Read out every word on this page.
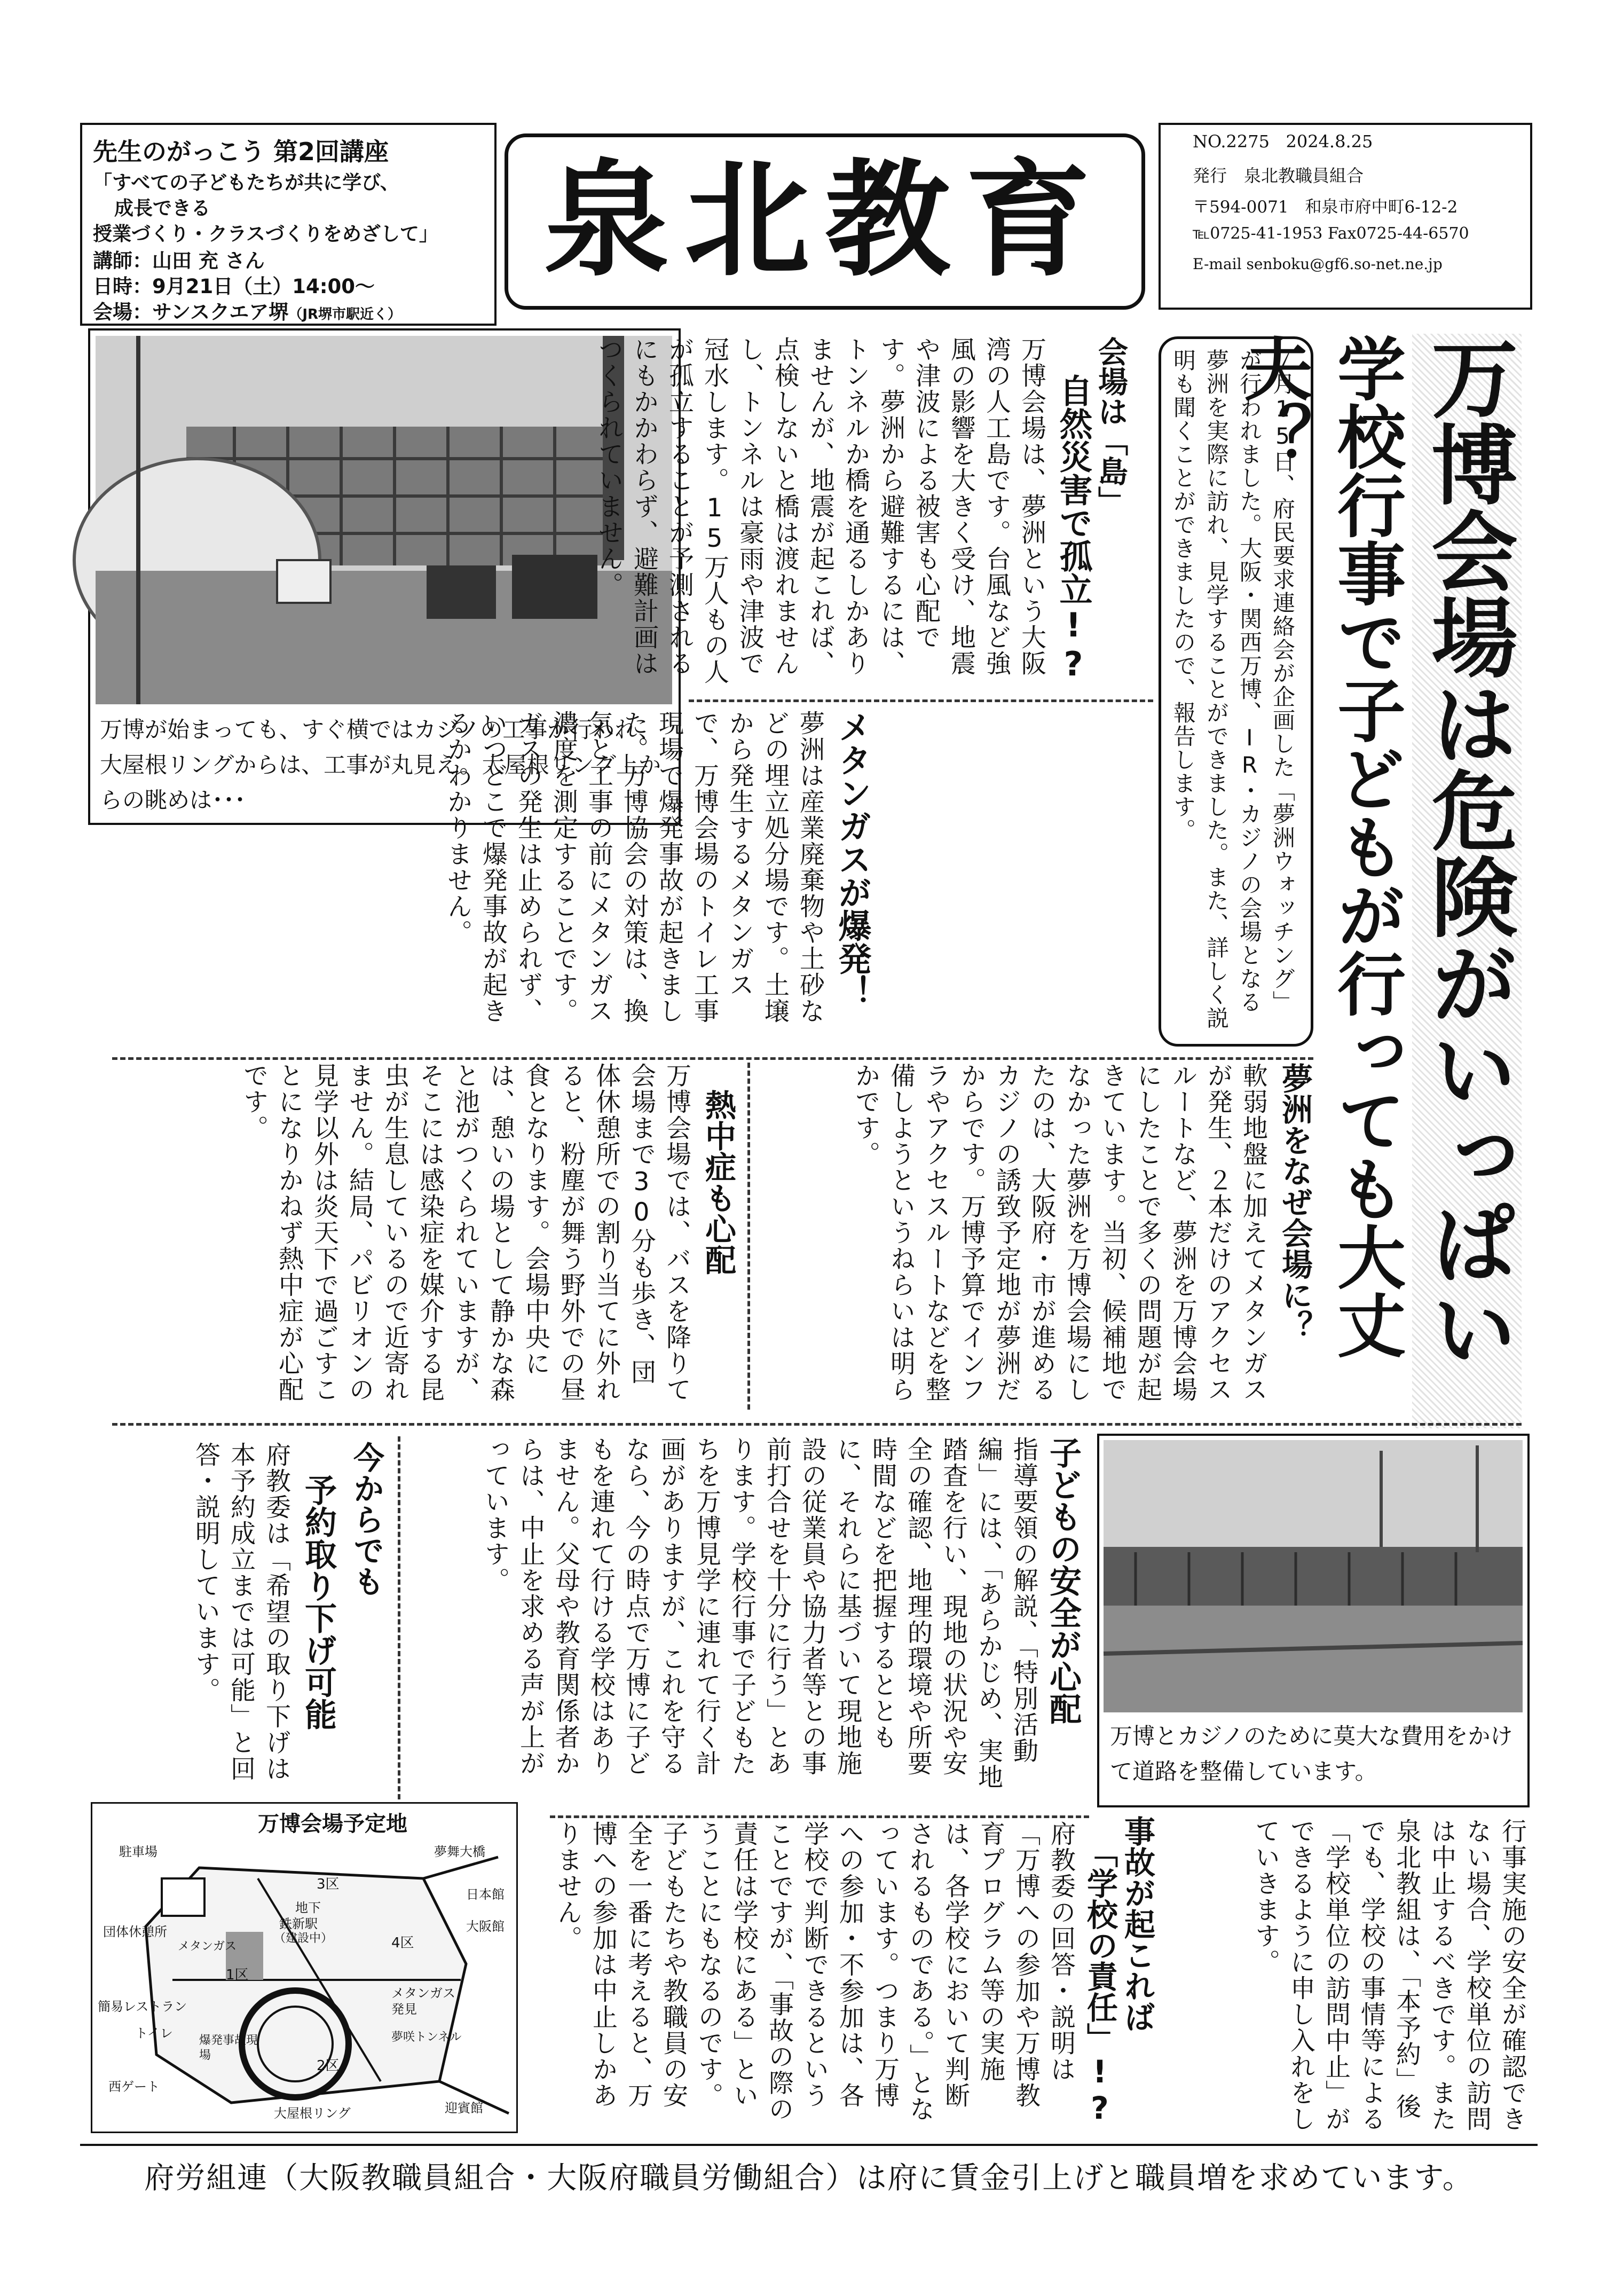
先生のがっこう 第2回講座
「すべての子どもたちが共に学び、
成長できる
授業づくり・クラスづくりをめざして」
講師：山田 充 さん
日時：9月21日（土）14:00～
会場：サンスクエア堺（JR堺市駅近く）
泉北教育
NO.2275 2024.8.25
発行　泉北教職員組合
〒594-0071　和泉市府中町6-12-2
℡0725-41-1953 Fax0725-44-6570
E-mail senboku@gf6.so-net.ne.jp
万博会場は危険がいっぱい
学校行事で子どもが行っても大丈夫？
７月15日、府民要求連絡会が企画した「夢洲ウォッチング」が行われました。大阪・関西万博、IR・カジノの会場となる夢洲を実際に訪れ、見学することができました。また、詳しく説明も聞くことができましたので、報告します。
万博が始まっても、すぐ横ではカジノの工事が行われ、大屋根リングからは、工事が丸見え。大屋根リング上からの眺めは･･･
会場は「島」
自然災害で孤立!?
万博会場は、夢洲という大阪湾の人工島です。台風など強風の影響を大きく受け、地震や津波による被害も心配です。夢洲から避難するには、トンネルか橋を通るしかありませんが、地震が起これば、点検しないと橋は渡れませんし、トンネルは豪雨や津波で冠水します。15万人もの人が孤立することが予測されるにもかかわらず、避難計画はつくられていません。
メタンガスが爆発！
夢洲は産業廃棄物や土砂などの埋立処分場です。土壌から発生するメタンガスで、万博会場のトイレ工事現場で爆発事故が起きました。万博協会の対策は、換気と工事の前にメタンガス濃度を測定することです。ガスの発生は止められず、いつどこで爆発事故が起きるかわかりません。
夢洲をなぜ会場に？
軟弱地盤に加えてメタンガスが発生、２本だけのアクセスルートなど、夢洲を万博会場にしたことで多くの問題が起きています。当初、候補地でなかった夢洲を万博会場にしたのは、大阪府・市が進めるカジノの誘致予定地が夢洲だからです。万博予算でインフラやアクセスルートなどを整備しようというねらいは明らかです。
熱中症も心配
万博会場では、バスを降りて会場まで30分も歩き、団体休憩所での割り当てに外れると、粉塵が舞う野外での昼食となります。会場中央には、憩いの場として静かな森と池がつくられていますが、そこには感染症を媒介する昆虫が生息しているので近寄れません。結局、パビリオンの見学以外は炎天下で過ごすことになりかねず熱中症が心配です。
万博とカジノのために莫大な費用をかけて道路を整備しています。
子どもの安全が心配
指導要領の解説、「特別活動編」には、「あらかじめ、実地踏査を行い、現地の状況や安全の確認、地理的環境や所要時間などを把握するとともに、それらに基づいて現地施設の従業員や協力者等との事前打合せを十分に行う」とあります。学校行事で子どもたちを万博見学に連れて行く計画がありますが、これを守るなら、今の時点で万博に子どもを連れて行ける学校はありません。父母や教育関係者からは、中止を求める声が上がっています。
今からでも
予約取り下げ可能
府教委は「希望の取り下げは本予約成立までは可能」と回答・説明しています。
万博会場予定地
駐車場	夢舞大橋
3区
地下
鉄新駅
（建設中）
日本館
大阪館
団体休憩所
メタンガス	4区
1区
メタンガス発見
簡易レストラン
トイレ	夢咲トンネル
爆発事故現場
2区
西ゲート
大屋根リング	迎賓館
事故が起これば
「学校の責任」!?
府教委の回答・説明は「万博への参加や万博教育プログラム等の実施は、各学校において判断されるものである。」となっています。つまり万博への参加・不参加は、各学校で判断できるということですが、「事故の際の責任は学校にある」ということにもなるのです。子どもたちや教職員の安全を一番に考えると、万博への参加は中止しかありません。	行事実施の安全が確認できない場合、学校単位の訪問は中止するべきです。また泉北教組は、「本予約」後でも、学校の事情等による「学校単位の訪問中止」ができるように申し入れをしていきます。
府労組連（大阪教職員組合・大阪府職員労働組合）は府に賃金引上げと職員増を求めています。
